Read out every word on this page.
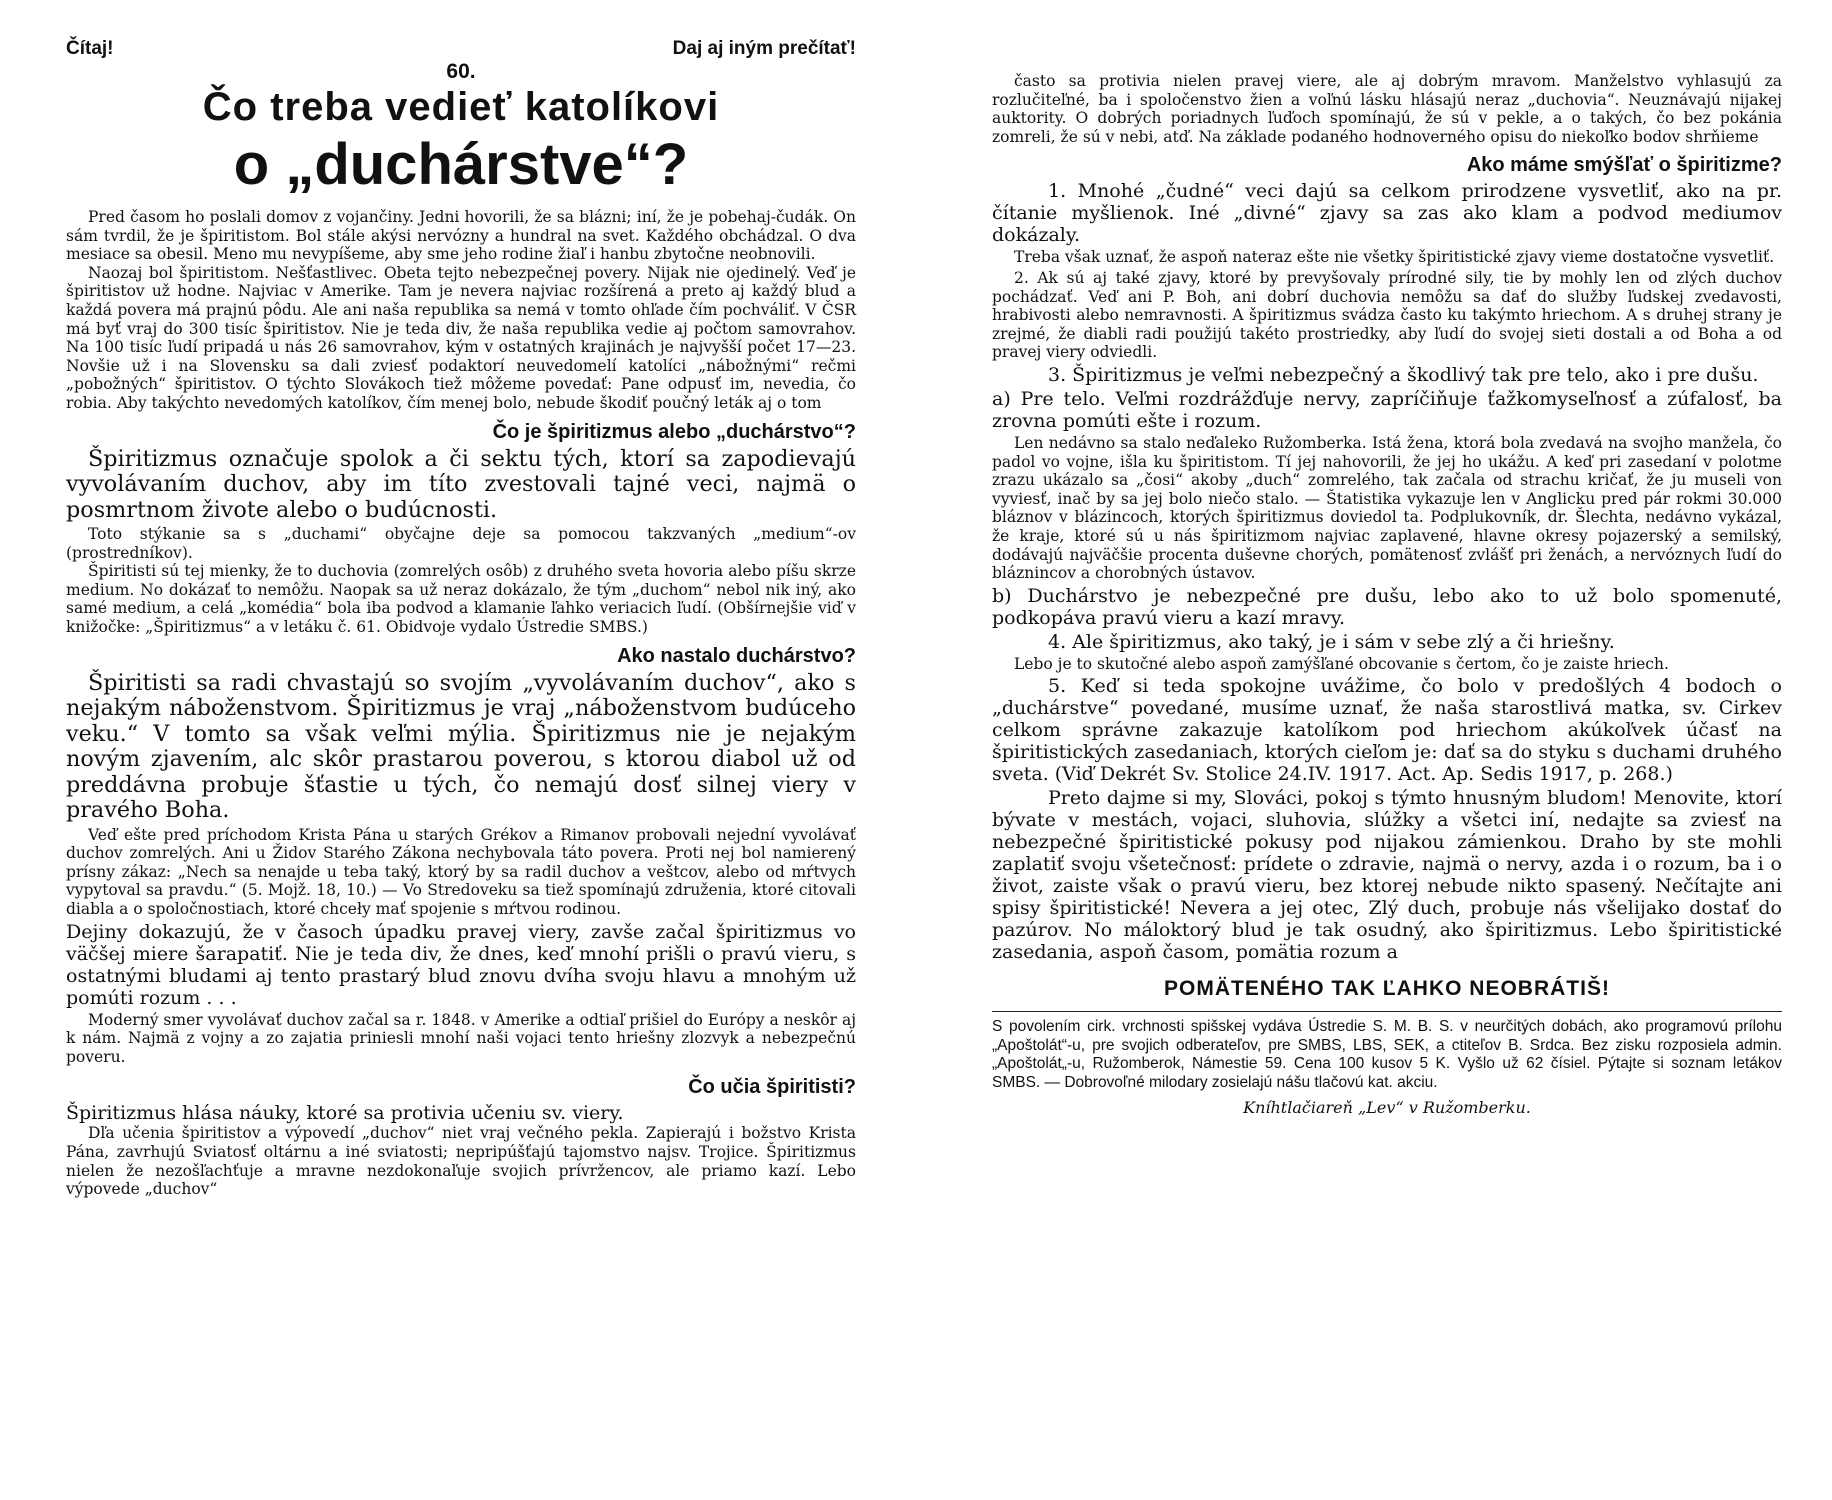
Čítaj!	Daj aj iným prečítať!
60.
Čo treba vedieť katolíkovi
o „duchárstve“?

Pred časom ho poslali domov z vojančiny. Jedni hovorili, že sa blázni; iní, že je pobehaj-čudák. On sám tvrdil, že je špiritistom. Bol stále akýsi nervózny a hundral na svet. Každého obchádzal. O dva mesiace sa obesil. Meno mu nevypíšeme, aby sme jeho rodine žiaľ i hanbu zbytočne neobnovili.

Naozaj bol špiritistom. Nešťastlivec. Obeta tejto nebezpečnej povery. Nijak nie ojedinelý. Veď je špiritistov už hodne. Najviac v Amerike. Tam je nevera najviac rozšírená a preto aj každý blud a každá povera má prajnú pôdu. Ale ani naša republika sa nemá v tomto ohľade čím pochváliť. V ČSR má byť vraj do 300 tisíc špiritistov. Nie je teda div, že naša republika vedie aj počtom samovrahov. Na 100 tisíc ľudí pripadá u nás 26 samovrahov, kým v ostatných krajinách je najvyšší počet 17—23. Novšie už i na Slovensku sa dali zviesť podaktorí neuvedomelí katolíci „nábožnými“ rečmi „pobožných“ špiritistov. O týchto Slovákoch tiež môžeme povedať: Pane odpusť im, nevedia, čo robia. Aby takýchto nevedomých katolíkov, čím menej bolo, nebude škodiť poučný leták aj o tom

Čo je špiritizmus alebo „duchárstvo“?

Špiritizmus označuje spolok a či sektu tých, ktorí sa zapodievajú vyvolávaním duchov, aby im títo zvestovali tajné veci, najmä o posmrtnom živote alebo o budúcnosti.

Toto stýkanie sa s „duchami“ obyčajne deje sa pomocou takzvaných „medium“-ov (prostredníkov).

Špiritisti sú tej mienky, že to duchovia (zomrelých osôb) z druhého sveta hovoria alebo píšu skrze medium. No dokázať to nemôžu. Naopak sa už neraz dokázalo, že tým „duchom“ nebol nik iný, ako samé medium, a celá „komédia“ bola iba podvod a klamanie ľahko veriacich ľudí. (Obšírnejšie viď v knižočke: „Špiritizmus“ a v letáku č. 61. Obidvoje vydalo Ústredie SMBS.)

Ako nastalo duchárstvo?

Špiritisti sa radi chvastajú so svojím „vyvolávaním duchov“, ako s nejakým náboženstvom. Špiritizmus je vraj „náboženstvom budúceho veku.“ V tomto sa však veľmi mýlia. Špiritizmus nie je nejakým novým zjavením, alc skôr prastarou poverou, s ktorou diabol už od preddávna probuje šťastie u tých, čo nemajú dosť silnej viery v pravého Boha.

Veď ešte pred príchodom Krista Pána u starých Grékov a Rimanov probovali nejední vyvolávať duchov zomrelých. Ani u Židov Starého Zákona nechybovala táto povera. Proti nej bol namierený prísny zákaz: „Nech sa nenajde u teba taký, ktorý by sa radil duchov a veštcov, alebo od mŕtvych vypytoval sa pravdu.“ (5. Mojž. 18, 10.) — Vo Stredoveku sa tiež spomínajú združenia, ktoré citovali diabla a o spoločnostiach, ktoré chceły mať spojenie s mŕtvou rodinou.

Dejiny dokazujú, že v časoch úpadku pravej viery, zavše začal špiritizmus vo väčšej miere šarapatiť. Nie je teda div, že dnes, keď mnohí prišli o pravú vieru, s ostatnými bludami aj tento prastarý blud znovu dvíha svoju hlavu a mnohým už pomúti rozum . . .

Moderný smer vyvolávať duchov začal sa r. 1848. v Amerike a odtiaľ prišiel do Európy a neskôr aj k nám. Najmä z vojny a zo zajatia priniesli mnohí naši vojaci tento hriešny zlozvyk a nebezpečnú poveru.

Čo učia špiritisti?

Špiritizmus hlása náuky, ktoré sa protivia učeniu sv. viery.

Dľa učenia špiritistov a výpovedí „duchov“ niet vraj večného pekla. Zapierajú i božstvo Krista Pána, zavrhujú Sviatosť oltárnu a iné sviatosti; nepripúšťajú tajomstvo najsv. Trojice. Špiritizmus nielen že nezošľachťuje a mravne nezdokonaľuje svojich prívržencov, ale priamo kazí. Lebo výpovede „duchov“

často sa protivia nielen pravej viere, ale aj dobrým mravom. Manželstvo vyhlasujú za rozlučiteľné, ba i spoločenstvo žien a voľnú lásku hlásajú neraz „duchovia“. Neuznávajú nijakej auktority. O dobrých poriadnych ľuďoch spomínajú, že sú v pekle, a o takých, čo bez pokánia zomreli, že sú v nebi, atď. Na základe podaného hodnoverného opisu do niekoľko bodov shrňieme

Ako máme smýšľať o špiritizme?

1. Mnohé „čudné“ veci dajú sa celkom prirodzene vysvetliť, ako na pr. čítanie myšlienok. Iné „divné“ zjavy sa zas ako klam a podvod mediumov dokázaly.

Treba však uznať, že aspoň nateraz ešte nie všetky špiritistické zjavy vieme dostatočne vysvetliť.

2. Ak sú aj také zjavy, ktoré by prevyšovaly prírodné sily, tie by mohly len od zlých duchov pochádzať. Veď ani P. Boh, ani dobrí duchovia nemôžu sa dať do služby ľudskej zvedavosti, hrabivosti alebo nemravnosti. A špiritizmus svádza často ku takýmto hriechom. A s druhej strany je zrejmé, že diabli radi použijú takéto prostriedky, aby ľudí do svojej sieti dostali a od Boha a od pravej viery odviedli.

3. Špiritizmus je veľmi nebezpečný a škodlivý tak pre telo, ako i pre dušu.

a) Pre telo. Veľmi rozdrážďuje nervy, zapríčiňuje ťažkomyseľnosť a zúfalosť, ba zrovna pomúti ešte i rozum.

Len nedávno sa stalo neďaleko Ružomberka. Istá žena, ktorá bola zvedavá na svojho manžela, čo padol vo vojne, išla ku špiritistom. Tí jej nahovorili, že jej ho ukážu. A keď pri zasedaní v polotme zrazu ukázalo sa „čosi“ akoby „duch“ zomrelého, tak začala od strachu kričať, že ju museli von vyviesť, inač by sa jej bolo niečo stalo. — Štatistika vykazuje len v Anglicku pred pár rokmi 30.000 bláznov v blázincoch, ktorých špiritizmus doviedol ta. Podplukovník, dr. Šlechta, nedávno vykázal, že kraje, ktoré sú u nás špiritizmom najviac zaplavené, hlavne okresy pojazerský a semilský, dodávajú najväčšie procenta duševne chorých, pomätenosť zvlášť pri ženách, a nervóznych ľudí do bláznincov a chorobných ústavov.

b) Duchárstvo je nebezpečné pre dušu, lebo ako to už bolo spomenuté, podkopáva pravú vieru a kazí mravy.

4. Ale špiritizmus, ako taký, je i sám v sebe zlý a či hriešny.

Lebo je to skutočné alebo aspoň zamýšľané obcovanie s čertom, čo je zaiste hriech.

5. Keď si teda spokojne uvážime, čo bolo v predošlých 4 bodoch o „duchárstve“ povedané, musíme uznať, že naša starostlivá matka, sv. Cirkev celkom správne zakazuje katolíkom pod hriechom akúkoľvek účasť na špiritistických zasedaniach, ktorých cieľom je: dať sa do styku s duchami druhého sveta. (Viď Dekrét Sv. Stolice 24.IV. 1917. Act. Ap. Sedis 1917, p. 268.)

Preto dajme si my, Slováci, pokoj s týmto hnusným bludom! Menovite, ktorí bývate v mestách, vojaci, sluhovia, slúžky a všetci iní, nedajte sa zviesť na nebezpečné špiritistické pokusy pod nijakou zámienkou. Draho by ste mohli zaplatiť svoju všetečnosť: prídete o zdravie, najmä o nervy, azda i o rozum, ba i o život, zaiste však o pravú vieru, bez ktorej nebude nikto spasený. Nečítajte ani spisy špiritistické! Nevera a jej otec, Zlý duch, probuje nás všelijako dostať do pazúrov. No máloktorý blud je tak osudný, ako špiritizmus. Lebo špiritistické zasedania, aspoň časom, pomätia rozum a

POMÄTENÉHO TAK ĽAHKO NEOBRÁTIŠ!
S povolením cirk. vrchnosti spišskej vydáva Ústredie S. M. B. S. v neurčitých dobách, ako programovú prílohu „Apoštolát“-u, pre svojich odberateľov, pre SMBS, LBS, SEK, a ctiteľov B. Srdca. Bez zisku rozposiela admin. „Apoštolát„-u, Ružomberok, Námestie 59. Cena 100 kusov 5 K. Vyšlo už 62 čísiel. Pýtajte si soznam letákov SMBS. — Dobrovoľné milodary zosielajú nášu tlačovú kat. akciu.
Kníhtlačiareň „Lev“ v Ružomberku.
